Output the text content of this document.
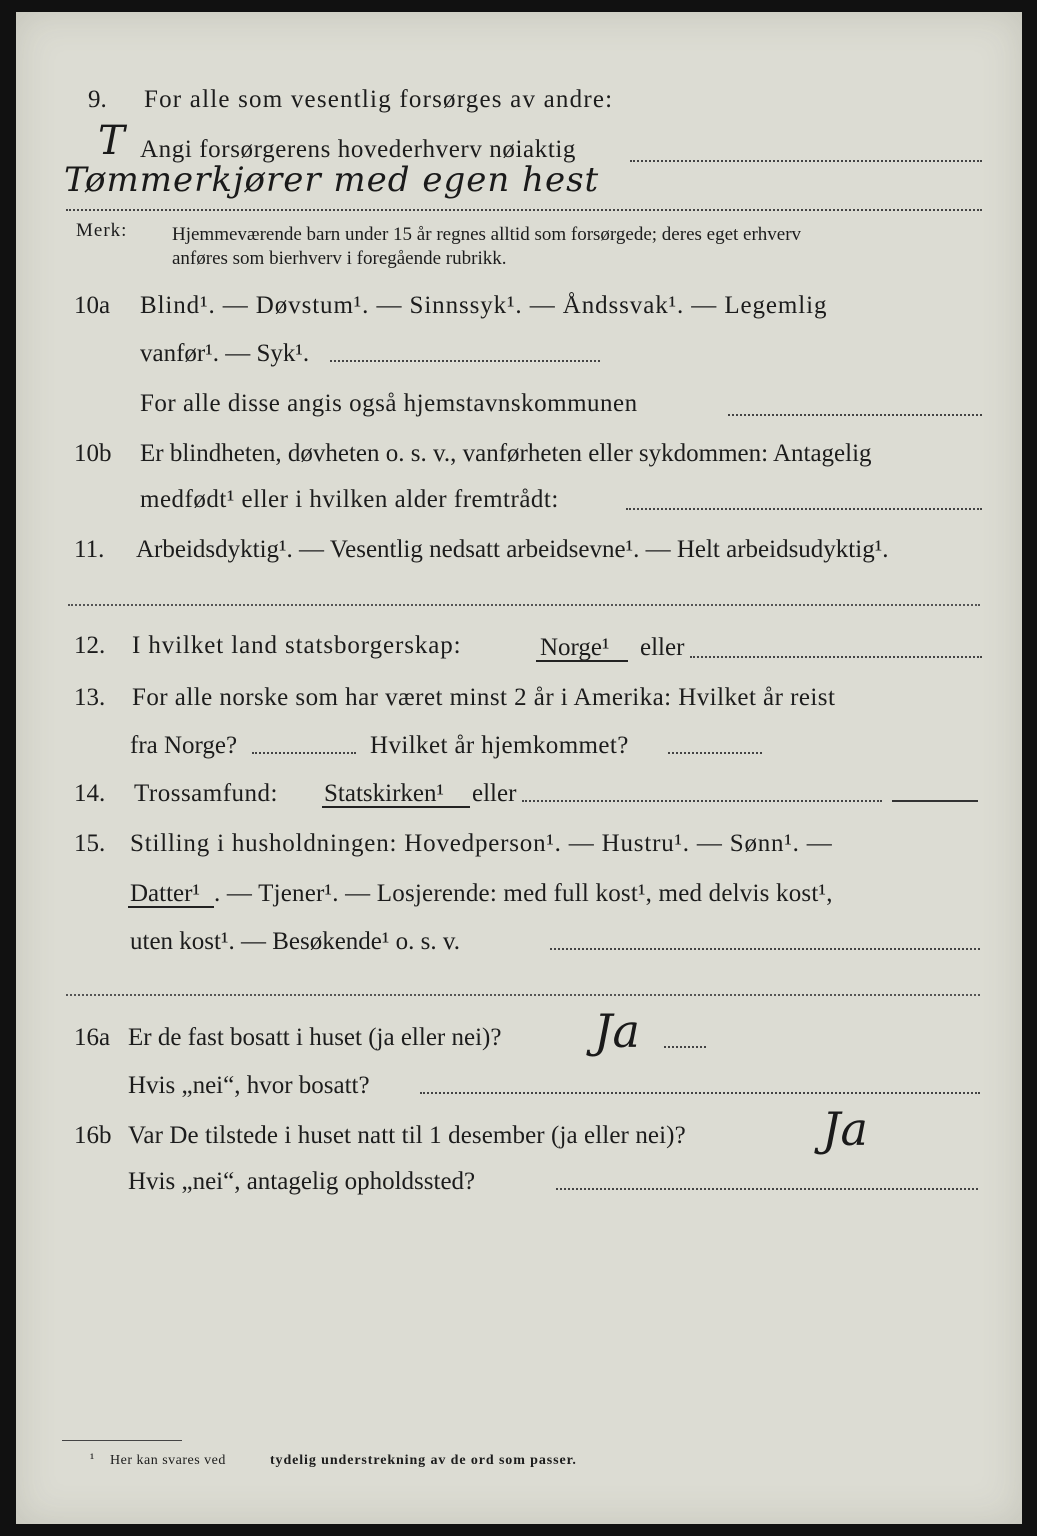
9. For alle som vesentlig forsørges av andre:
T Angi forsørgerens hovederhverv nøiaktig
Tømmerkjører med egen hest
Merk: Hjemmeværende barn under 15 år regnes alltid som forsørgede; deres eget erhverv
anføres som bierhverv i foregående rubrikk.
10a Blind¹. — Døvstum¹. — Sinnssyk¹. — Åndssvak¹. — Legemlig
vanfør¹. — Syk¹.
For alle disse angis også hjemstavnskommunen
10b Er blindheten, døvheten o. s. v., vanførheten eller sykdommen: Antagelig
medfødt¹ eller i hvilken alder fremtrådt:
11. Arbeidsdyktig¹. — Vesentlig nedsatt arbeidsevne¹. — Helt arbeidsudyktig¹.
12. I hvilket land statsborgerskap:	Norge¹ eller
13. For alle norske som har været minst 2 år i Amerika: Hvilket år reist
fra Norge?	Hvilket år hjemkommet?
14. Trossamfund: Statskirken¹ eller
15. Stilling i husholdningen: Hovedperson¹. — Hustru¹. — Sønn¹. —
Datter¹ . — Tjener¹. — Losjerende: med full kost¹, med delvis kost¹,
uten kost¹. — Besøkende¹ o. s. v.
16a Er de fast bosatt i huset (ja eller nei)? Ja
Hvis „nei“, hvor bosatt?
16b Var De tilstede i huset natt til 1 desember (ja eller nei)?	Ja
Hvis „nei“, antagelig opholdssted?
¹ Her kan svares ved	tydelig understrekning av de ord som passer.
